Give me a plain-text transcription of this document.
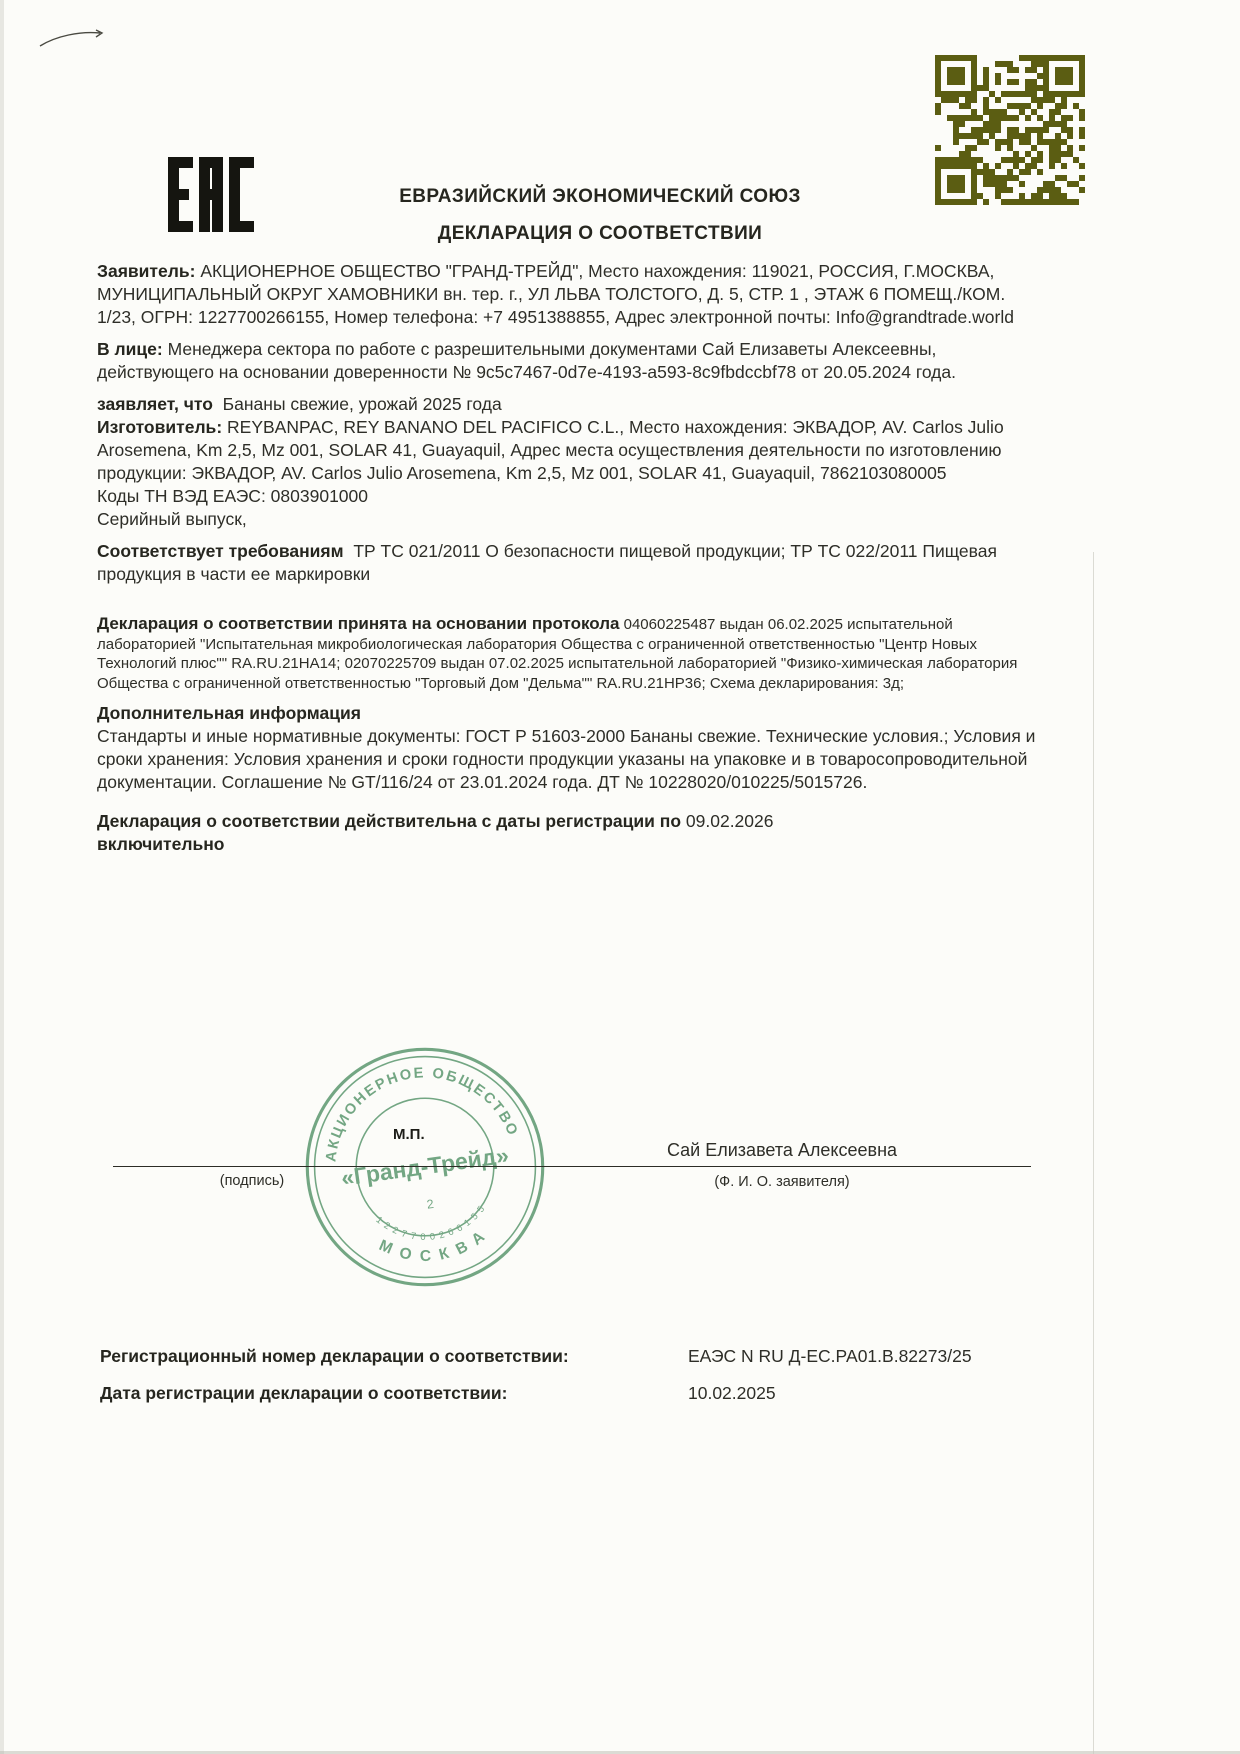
ЕВРАЗИЙСКИЙ ЭКОНОМИЧЕСКИЙ СОЮЗ
ДЕКЛАРАЦИЯ О СООТВЕТСТВИИ

Заявитель: АКЦИОНЕРНОЕ ОБЩЕСТВО "ГРАНД-ТРЕЙД", Место нахождения: 119021, РОССИЯ, Г.МОСКВА, МУНИЦИПАЛЬНЫЙ ОКРУГ ХАМОВНИКИ вн. тер. г., УЛ ЛЬВА ТОЛСТОГО, Д. 5, СТР. 1 , ЭТАЖ 6 ПОМЕЩ./КОМ. 1/23, ОГРН: 1227700266155, Номер телефона: +7 4951388855, Адрес электронной почты: Info@grandtrade.world

В лице: Менеджера сектора по работе с разрешительными документами Сай Елизаветы Алексеевны, действующего на основании доверенности № 9c5c7467-0d7e-4193-a593-8c9fbdccbf78 от 20.05.2024 года.

заявляет, что Бананы свежие, урожай 2025 года
Изготовитель: REYBANPAC, REY BANANO DEL PACIFICO C.L., Место нахождения: ЭКВАДОР, AV. Carlos Julio Arosemena, Km 2,5, Mz 001, SOLAR 41, Guayaquil, Адрес места осуществления деятельности по изготовлению продукции: ЭКВАДОР, AV. Carlos Julio Arosemena, Km 2,5, Mz 001, SOLAR 41, Guayaquil, 7862103080005
Коды ТН ВЭД ЕАЭС: 0803901000
Серийный выпуск,

Соответствует требованиям ТР ТС 021/2011 О безопасности пищевой продукции; ТР ТС 022/2011 Пищевая продукция в части ее маркировки

Декларация о соответствии принята на основании протокола 04060225487 выдан 06.02.2025 испытательной лабораторией "Испытательная микробиологическая лаборатория Общества с ограниченной ответственностью "Центр Новых Технологий плюс"" RA.RU.21НА14; 02070225709 выдан 07.02.2025 испытательной лабораторией "Физико-химическая лаборатория Общества с ограниченной ответственностью "Торговый Дом "Дельма"" RA.RU.21НР36; Схема декларирования: 3д;

Дополнительная информация
Стандарты и иные нормативные документы: ГОСТ Р 51603-2000 Бананы свежие. Технические условия.; Условия и сроки хранения: Условия хранения и сроки годности продукции указаны на упаковке и в товаросопроводительной документации. Соглашение № GT/116/24 от 23.01.2024 года. ДТ № 10228020/010225/5015726.
Декларация о соответствии действительна с даты регистрации по 09.02.2026
включительно
АКЦИОНЕРНОЕ ОБЩЕСТВО
МОСКВА
1227700266155
«Гранд-Трейд»
2
М.П.
(подпись)
Сай Елизавета Алексеевна
(Ф. И. О. заявителя)
Регистрационный номер декларации о соответствии:	ЕАЭС N RU Д-ЕС.РА01.В.82273/25
Дата регистрации декларации о соответствии:	10.02.2025
